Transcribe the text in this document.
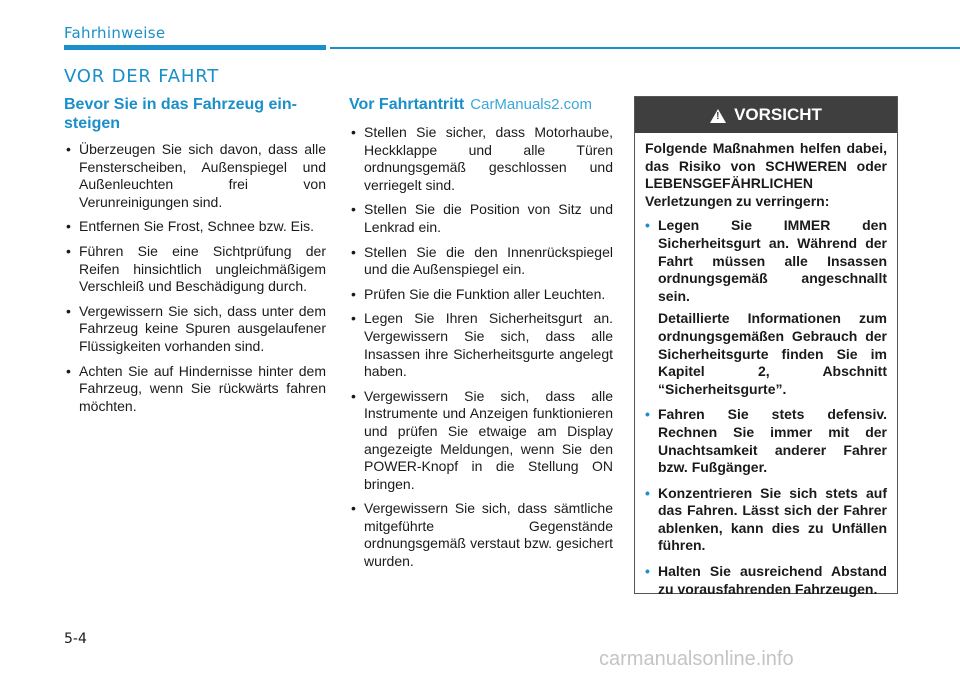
Fahrhinweise
VOR DER FAHRT
Bevor Sie in das Fahrzeug ein-steigen
• Überzeugen Sie sich davon, dass alle Fensterscheiben, Außenspiegel und Außenleuchten frei von Verunreinigungen sind.
• Entfernen Sie Frost, Schnee bzw. Eis.
• Führen Sie eine Sichtprüfung der Reifen hinsichtlich ungleichmäßigem Verschleiß und Beschädigung durch.
• Vergewissern Sie sich, dass unter dem Fahrzeug keine Spuren ausgelaufener Flüssigkeiten vorhanden sind.
• Achten Sie auf Hindernisse hinter dem Fahrzeug, wenn Sie rückwärts fahren möchten.
Vor Fahrtantritt CarManuals2.com
• Stellen Sie sicher, dass Motorhaube, Heckklappe und alle Türen ordnungsgemäß geschlossen und verriegelt sind.
• Stellen Sie die Position von Sitz und Lenkrad ein.
• Stellen Sie die den Innenrückspiegel und die Außenspiegel ein.
• Prüfen Sie die Funktion aller Leuchten.
• Legen Sie Ihren Sicherheitsgurt an. Vergewissern Sie sich, dass alle Insassen ihre Sicherheitsgurte angelegt haben.
• Vergewissern Sie sich, dass alle Instrumente und Anzeigen funktionieren und prüfen Sie etwaige am Display angezeigte Meldungen, wenn Sie den POWER-Knopf in die Stellung ON bringen.
• Vergewissern Sie sich, dass sämtliche mitgeführte Gegenstände ordnungsgemäß verstaut bzw. gesichert wurden.
! VORSICHT

Folgende Maßnahmen helfen dabei, das Risiko von SCHWEREN oder LEBENSGEFÄHRLICHEN Verletzungen zu verringern:

• Legen Sie IMMER den Sicherheitsgurt an. Während der Fahrt müssen alle Insassen ordnungsgemäß angeschnallt sein.
Detaillierte Informationen zum ordnungsgemäßen Gebrauch der Sicherheitsgurte finden Sie im Kapitel 2, Abschnitt “Sicherheitsgurte”.
• Fahren Sie stets defensiv. Rechnen Sie immer mit der Unachtsamkeit anderer Fahrer bzw. Fußgänger.
• Konzentrieren Sie sich stets auf das Fahren. Lässt sich der Fahrer ablenken, kann dies zu Unfällen führen.
• Halten Sie ausreichend Abstand zu vorausfahrenden Fahrzeugen.
5-4
carmanualsonline.info
